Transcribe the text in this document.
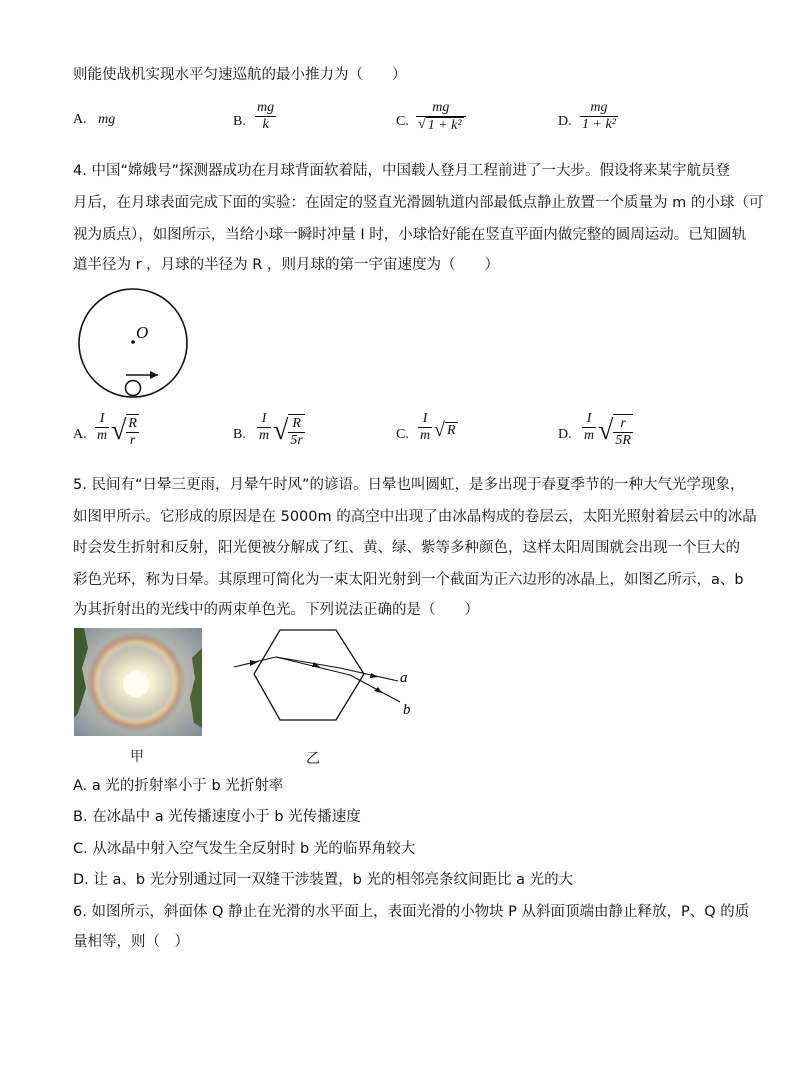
则能使战机实现水平匀速巡航的最小推力为（　　）
A. mg	B.
mg
k	C.
mg
√ 1 + k²	D.
mg
1 + k²
4. 中国“嫦娥号”探测器成功在月球背面软着陆，中国载人登月工程前进了一大步。假设将来某宇航员登
月后，在月球表面完成下面的实验：在固定的竖直光滑圆轨道内部最低点静止放置一个质量为 m 的小球（可
视为质点），如图所示，当给小球一瞬时冲量 I 时，小球恰好能在竖直平面内做完整的圆周运动。已知圆轨
道半径为 r ，月球的半径为 R ，则月球的第一宇宙速度为（　　）
O
A.
I
m √ $\frac{R}{r}$	B.
I
m √ $\frac{R}{5r}$	C.
I
m √ R	D.
I
m √ $\frac{r}{5R}$
5. 民间有“日晕三更雨，月晕午时风”的谚语。日晕也叫圆虹，是多出现于春夏季节的一种大气光学现象，
如图甲所示。它形成的原因是在 5000m 的高空中出现了由冰晶构成的卷层云，太阳光照射着层云中的冰晶
时会发生折射和反射，阳光便被分解成了红、黄、绿、紫等多种颜色，这样太阳周围就会出现一个巨大的
彩色光环，称为日晕。其原理可简化为一束太阳光射到一个截面为正六边形的冰晶上，如图乙所示，a、b
为其折射出的光线中的两束单色光。下列说法正确的是（　　）
a
b
甲	乙
A. a 光的折射率小于 b 光折射率
B. 在冰晶中 a 光传播速度小于 b 光传播速度
C. 从冰晶中射入空气发生全反射时 b 光的临界角较大
D. 让 a、b 光分别通过同一双缝干涉装置，b 光的相邻亮条纹间距比 a 光的大
6. 如图所示，斜面体 Q 静止在光滑的水平面上，表面光滑的小物块 P 从斜面顶端由静止释放，P、Q 的质
量相等，则（　）
